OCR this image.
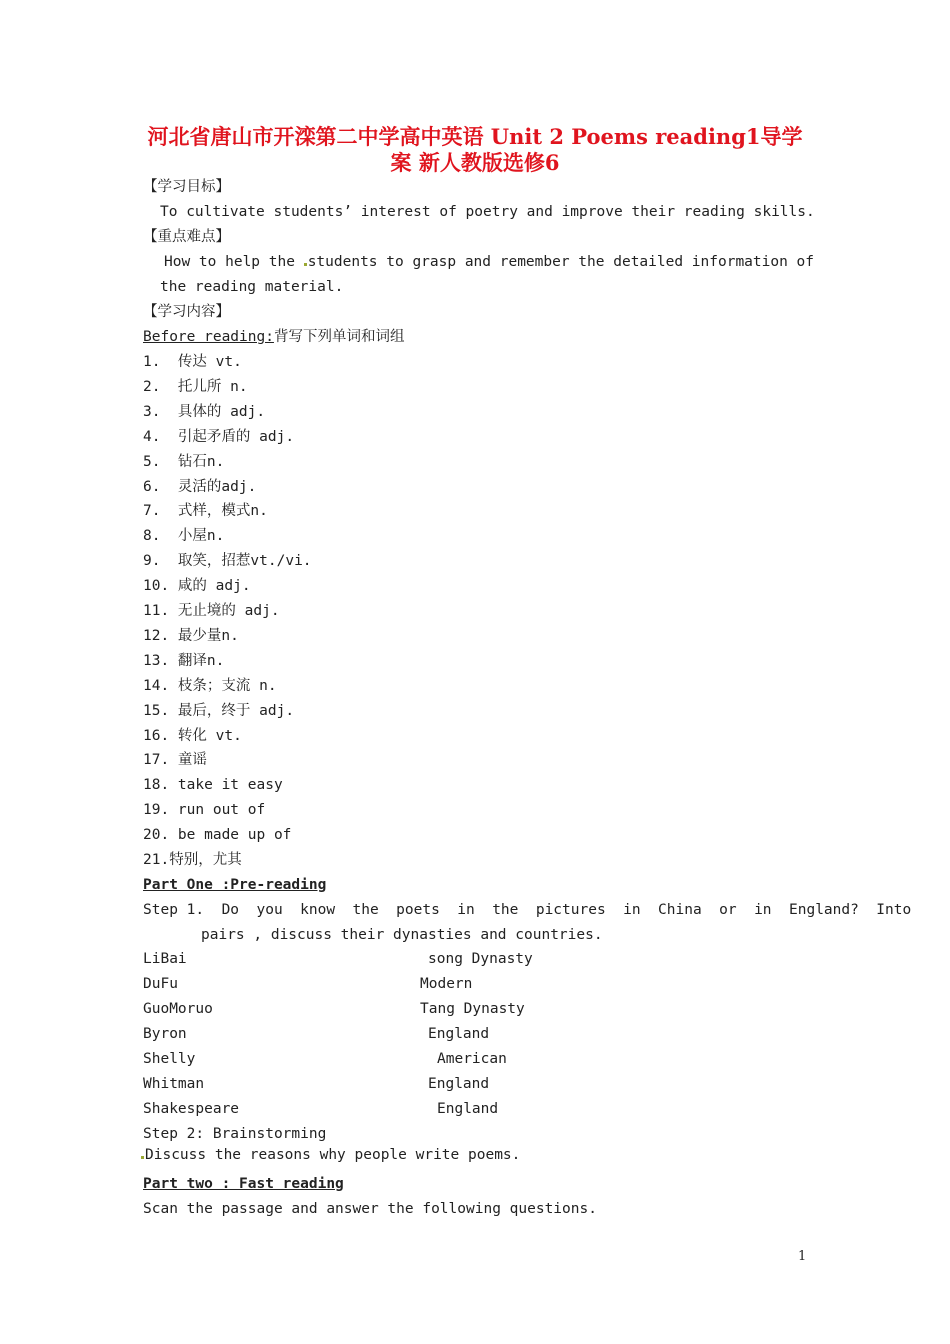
河北省唐山市开滦第二中学高中英语 Unit 2 Poems reading1导学
案 新人教版选修6
【学习目标】
To cultivate students’ interest of poetry and improve their reading skills.
【重点难点】
How to help the students to grasp and remember the detailed information of
the reading material.
【学习内容】
Before reading:背写下列单词和词组
1.  传达 vt.
2.  托儿所 n.
3.  具体的 adj.
4.  引起矛盾的 adj.
5.  钻石n.
6.  灵活的adj.
7.  式样，模式n.
8.  小屋n.
9.  取笑，招惹vt./vi.
10. 咸的 adj.
11. 无止境的 adj.
12. 最少量n.
13. 翻译n.
14. 枝条；支流 n.
15. 最后，终于 adj.
16. 转化 vt.
17. 童谣
18. take it easy
19. run out of
20. be made up of
21.特别，尤其
Part One :Pre-reading
Step 1.  Do  you  know  the  poets  in  the  pictures  in  China  or  in  England?  Into
pairs , discuss their dynasties and countries.
LiBai
DuFu
GuoMoruo
Byron
Shelly
Whitman
Shakespeare
song Dynasty
Modern
Tang Dynasty
England
American
England
England
Step 2: Brainstorming
Discuss the reasons why people write poems.
Part two : Fast reading
Scan the passage and answer the following questions.
1
